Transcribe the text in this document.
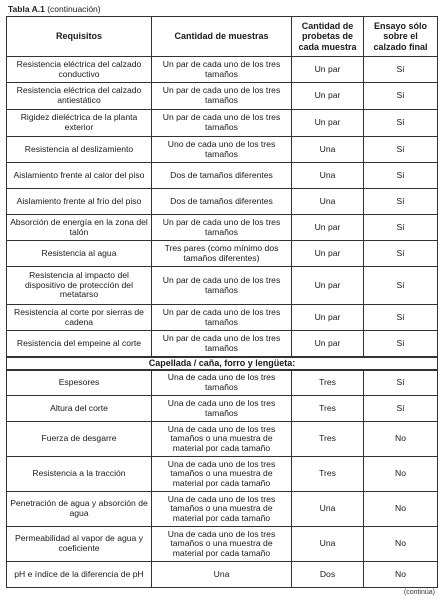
Tabla A.1 (continuación)
Requisitos	Cantidad de muestras	Cantidad de probetas de cada muestra	Ensayo sólo sobre el calzado final
Resistencia eléctrica del calzado conductivo	Un par de cada uno de los tres tamaños	Un par	Sí
Resistencia eléctrica del calzado antiestático	Un par de cada uno de los tres tamaños	Un par	Sí
Rigidez dieléctrica de la planta exterior	Un par de cada uno de los tres tamaños	Un par	Sí
Resistencia al deslizamiento	Uno de cada uno de los tres tamaños	Una	Sí
Aislamiento frente al calor del piso	Dos de tamaños diferentes	Una	Sí
Aislamiento frente al frío del piso	Dos de tamaños diferentes	Una	Sí
Absorción de energía en la zona del talón	Un par de cada uno de los tres tamaños	Un par	Sí
Resistencia al agua	Tres pares (como mínimo dos tamaños diferentes)	Un par	Sí
Resistencia al impacto del dispositivo de protección del metatarso	Un par de cada uno de los tres tamaños	Un par	Sí
Resistencia al corte por sierras de cadena	Un par de cada uno de los tres tamaños	Un par	Sí
Resistencia del empeine al corte	Un par de cada uno de los tres tamaños	Un par	Sí
Capellada / caña, forro y lengüeta:			
Espesores	Una de cada uno de los tres tamaños	Tres	Sí
Altura del corte	Una de cada uno de los tres tamaños	Tres	Sí
Fuerza de desgarre	Una de cada uno de los tres tamaños o una muestra de material por cada tamaño	Tres	No
Resistencia a la tracción	Una de cada uno de los tres tamaños o una muestra de material por cada tamaño	Tres	No
Penetración de agua y absorción de agua	Una de cada uno de los tres tamaños o una muestra de material por cada tamaño	Una	No
Permeabilidad al vapor de agua y coeficiente	Una de cada uno de los tres tamaños o una muestra de material por cada tamaño	Una	No
pH e índice de la diferencia de pH	Una	Dos	No
(continúa)
